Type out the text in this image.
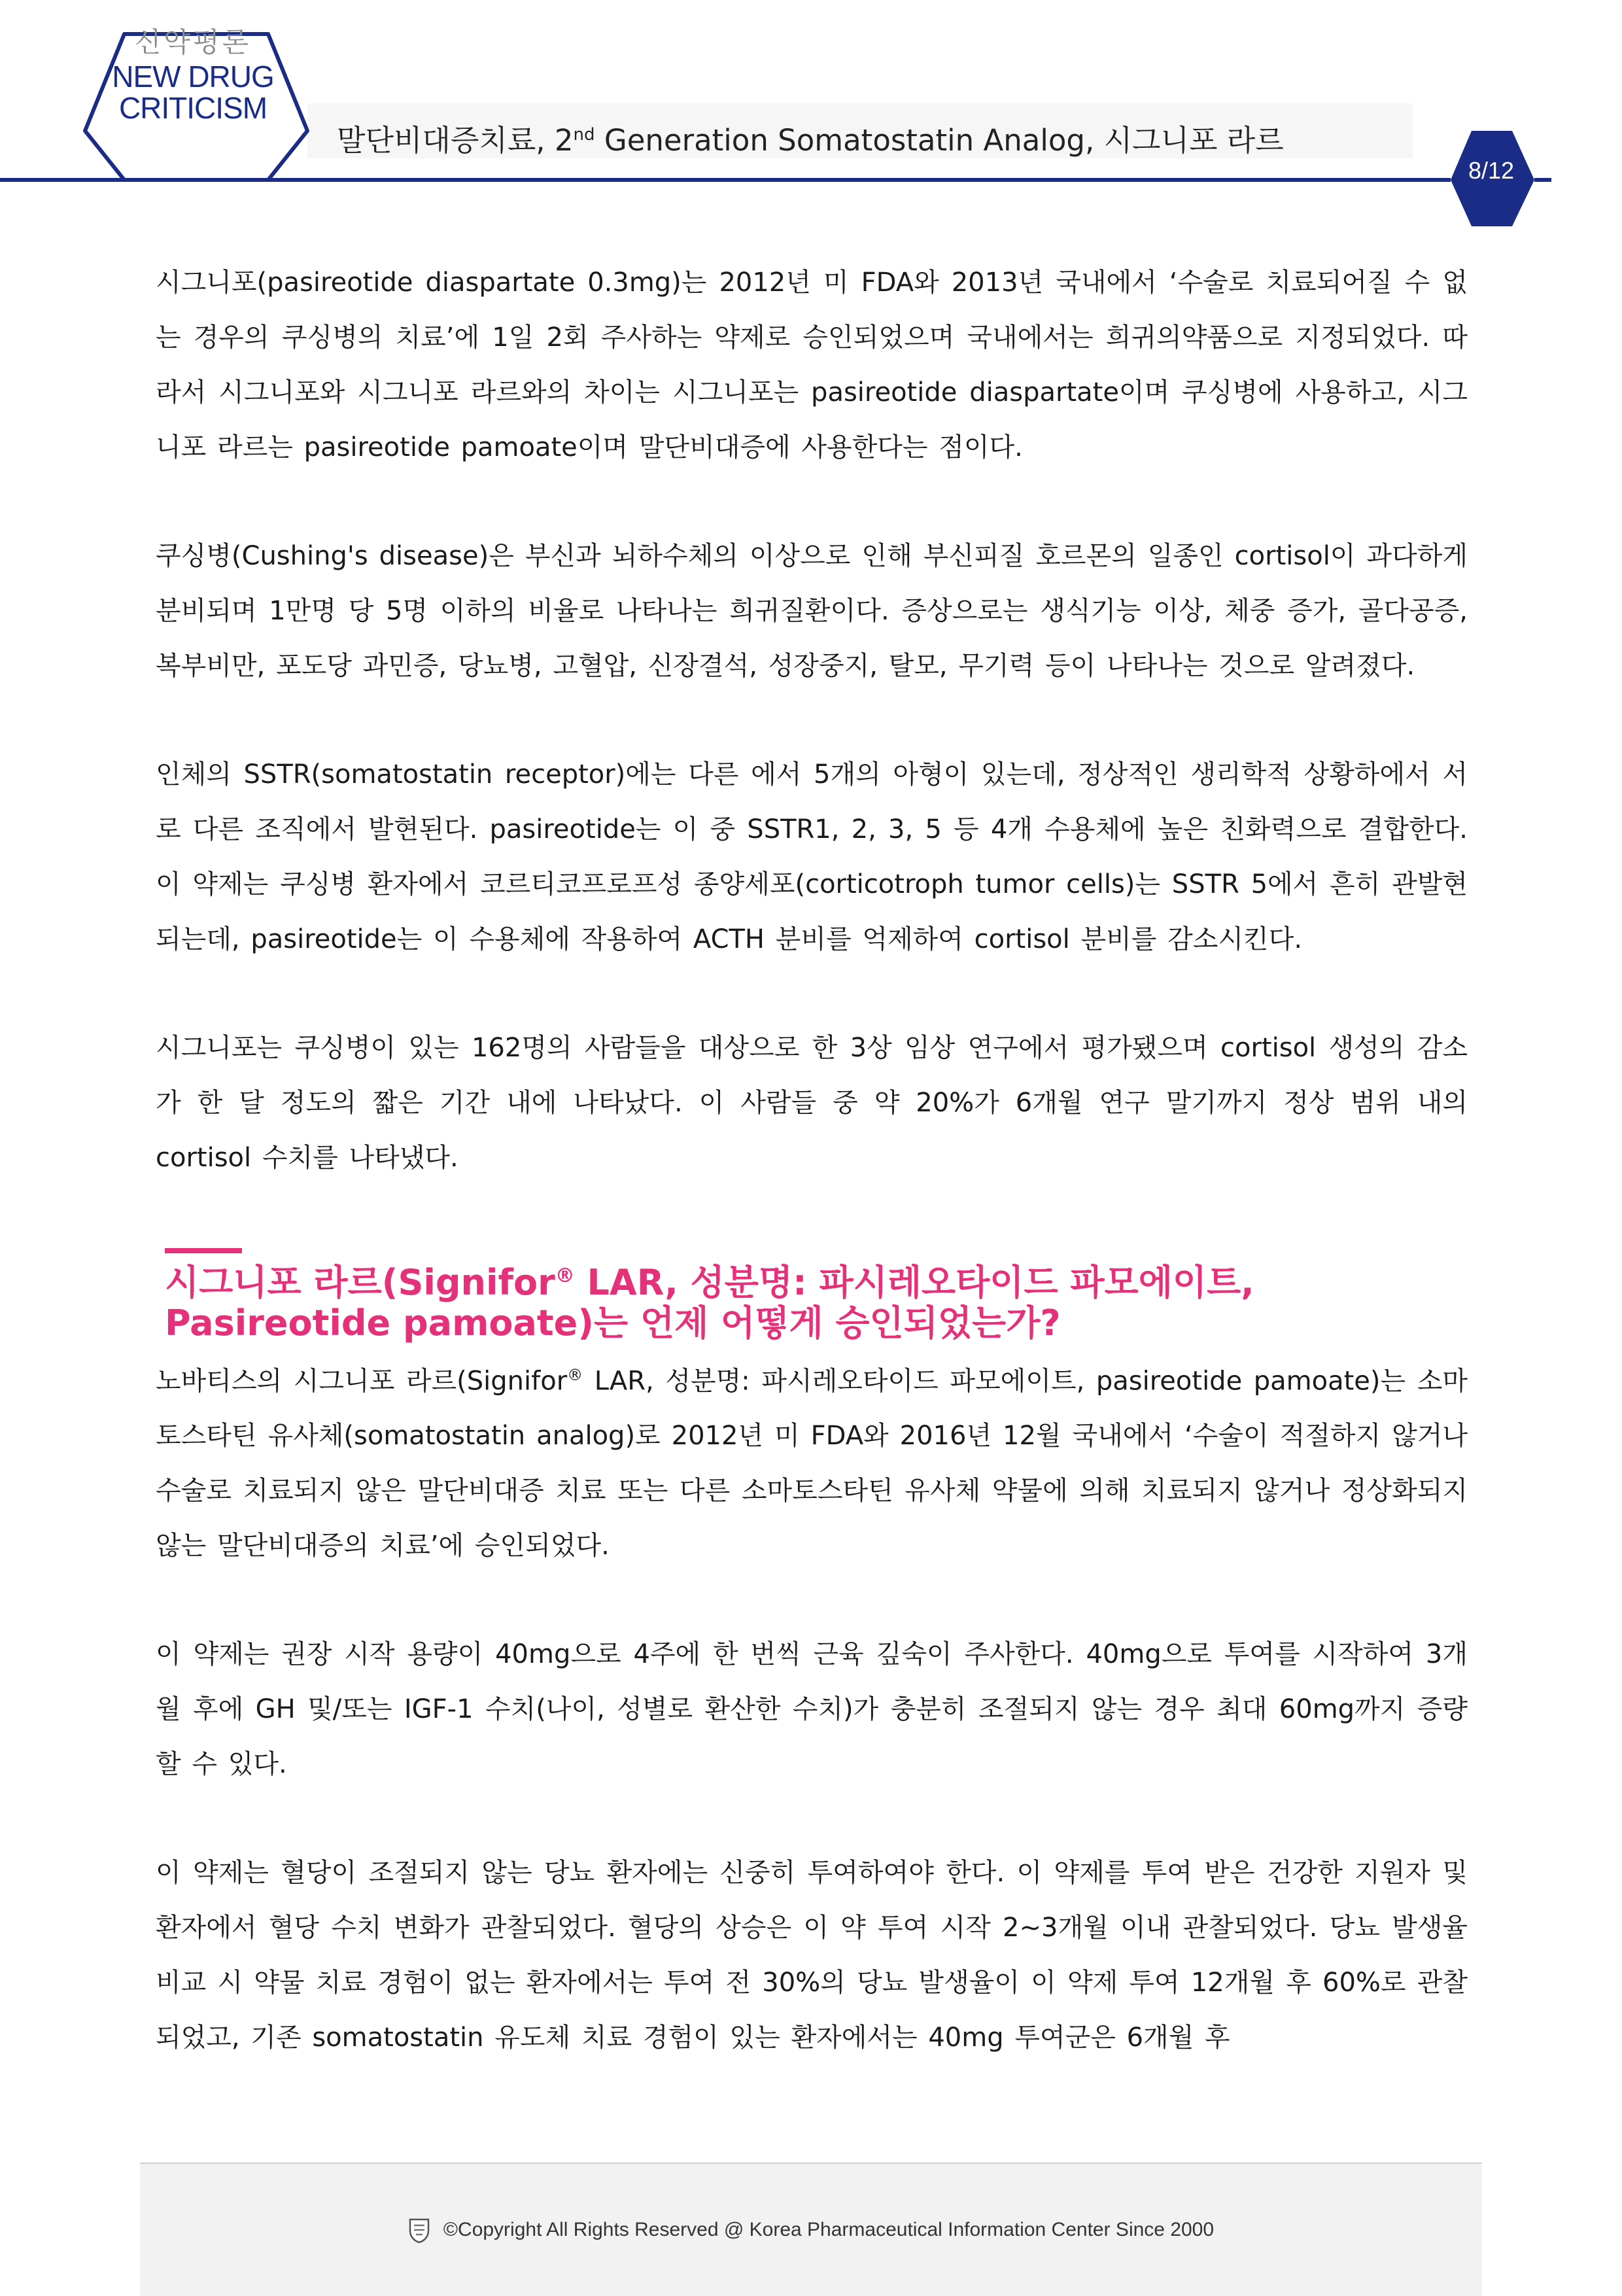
신약평론
NEW DRUG
CRITICISM
말단비대증치료, 2nd Generation Somatostatin Analog, 시그니포 라르
8/12

시그니포(pasireotide diaspartate 0.3mg)는 2012년 미 FDA와 2013년 국내에서 ‘수술로 치료되어질 수 없는 경우의 쿠싱병의 치료’에 1일 2회 주사하는 약제로 승인되었으며 국내에서는 희귀의약품으로 지정되었다. 따라서 시그니포와 시그니포 라르와의 차이는 시그니포는 pasireotide diaspartate이며 쿠싱병에 사용하고, 시그니포 라르는 pasireotide pamoate이며 말단비대증에 사용한다는 점이다.

쿠싱병(Cushing's disease)은 부신과 뇌하수체의 이상으로 인해 부신피질 호르몬의 일종인 cortisol이 과다하게 분비되며 1만명 당 5명 이하의 비율로 나타나는 희귀질환이다. 증상으로는 생식기능 이상, 체중 증가, 골다공증, 복부비만, 포도당 과민증, 당뇨병, 고혈압, 신장결석, 성장중지, 탈모, 무기력 등이 나타나는 것으로 알려졌다.

인체의 SSTR(somatostatin receptor)에는 다른 에서 5개의 아형이 있는데, 정상적인 생리학적 상황하에서 서로 다른 조직에서 발현된다. pasireotide는 이 중 SSTR1, 2, 3, 5 등 4개 수용체에 높은 친화력으로 결합한다. 이 약제는 쿠싱병 환자에서 코르티코프로프성 종양세포(corticotroph tumor cells)는 SSTR 5에서 흔히 관발현되는데, pasireotide는 이 수용체에 작용하여 ACTH 분비를 억제하여 cortisol 분비를 감소시킨다.

시그니포는 쿠싱병이 있는 162명의 사람들을 대상으로 한 3상 임상 연구에서 평가됐으며 cortisol 생성의 감소가 한 달 정도의 짧은 기간 내에 나타났다. 이 사람들 중 약 20%가 6개월 연구 말기까지 정상 범위 내의 cortisol 수치를 나타냈다.

시그니포 라르(Signifor® LAR, 성분명: 파시레오타이드 파모에이트,
Pasireotide pamoate)는 언제 어떻게 승인되었는가?

노바티스의 시그니포 라르(Signifor® LAR, 성분명: 파시레오타이드 파모에이트, pasireotide pamoate)는 소마토스타틴 유사체(somatostatin analog)로 2012년 미 FDA와 2016년 12월 국내에서 ‘수술이 적절하지 않거나 수술로 치료되지 않은 말단비대증 치료 또는 다른 소마토스타틴 유사체 약물에 의해 치료되지 않거나 정상화되지 않는 말단비대증의 치료’에 승인되었다.

이 약제는 권장 시작 용량이 40mg으로 4주에 한 번씩 근육 깊숙이 주사한다. 40mg으로 투여를 시작하여 3개월 후에 GH 및/또는 IGF-1 수치(나이, 성별로 환산한 수치)가 충분히 조절되지 않는 경우 최대 60mg까지 증량 할 수 있다.

이 약제는 혈당이 조절되지 않는 당뇨 환자에는 신중히 투여하여야 한다. 이 약제를 투여 받은 건강한 지원자 및 환자에서 혈당 수치 변화가 관찰되었다. 혈당의 상승은 이 약 투여 시작 2~3개월 이내 관찰되었다. 당뇨 발생율 비교 시 약물 치료 경험이 없는 환자에서는 투여 전 30%의 당뇨 발생율이 이 약제 투여 12개월 후 60%로 관찰되었고, 기존 somatostatin 유도체 치료 경험이 있는 환자에서는 40mg 투여군은 6개월 후

©Copyright All Rights Reserved @ Korea Pharmaceutical Information Center Since 2000
